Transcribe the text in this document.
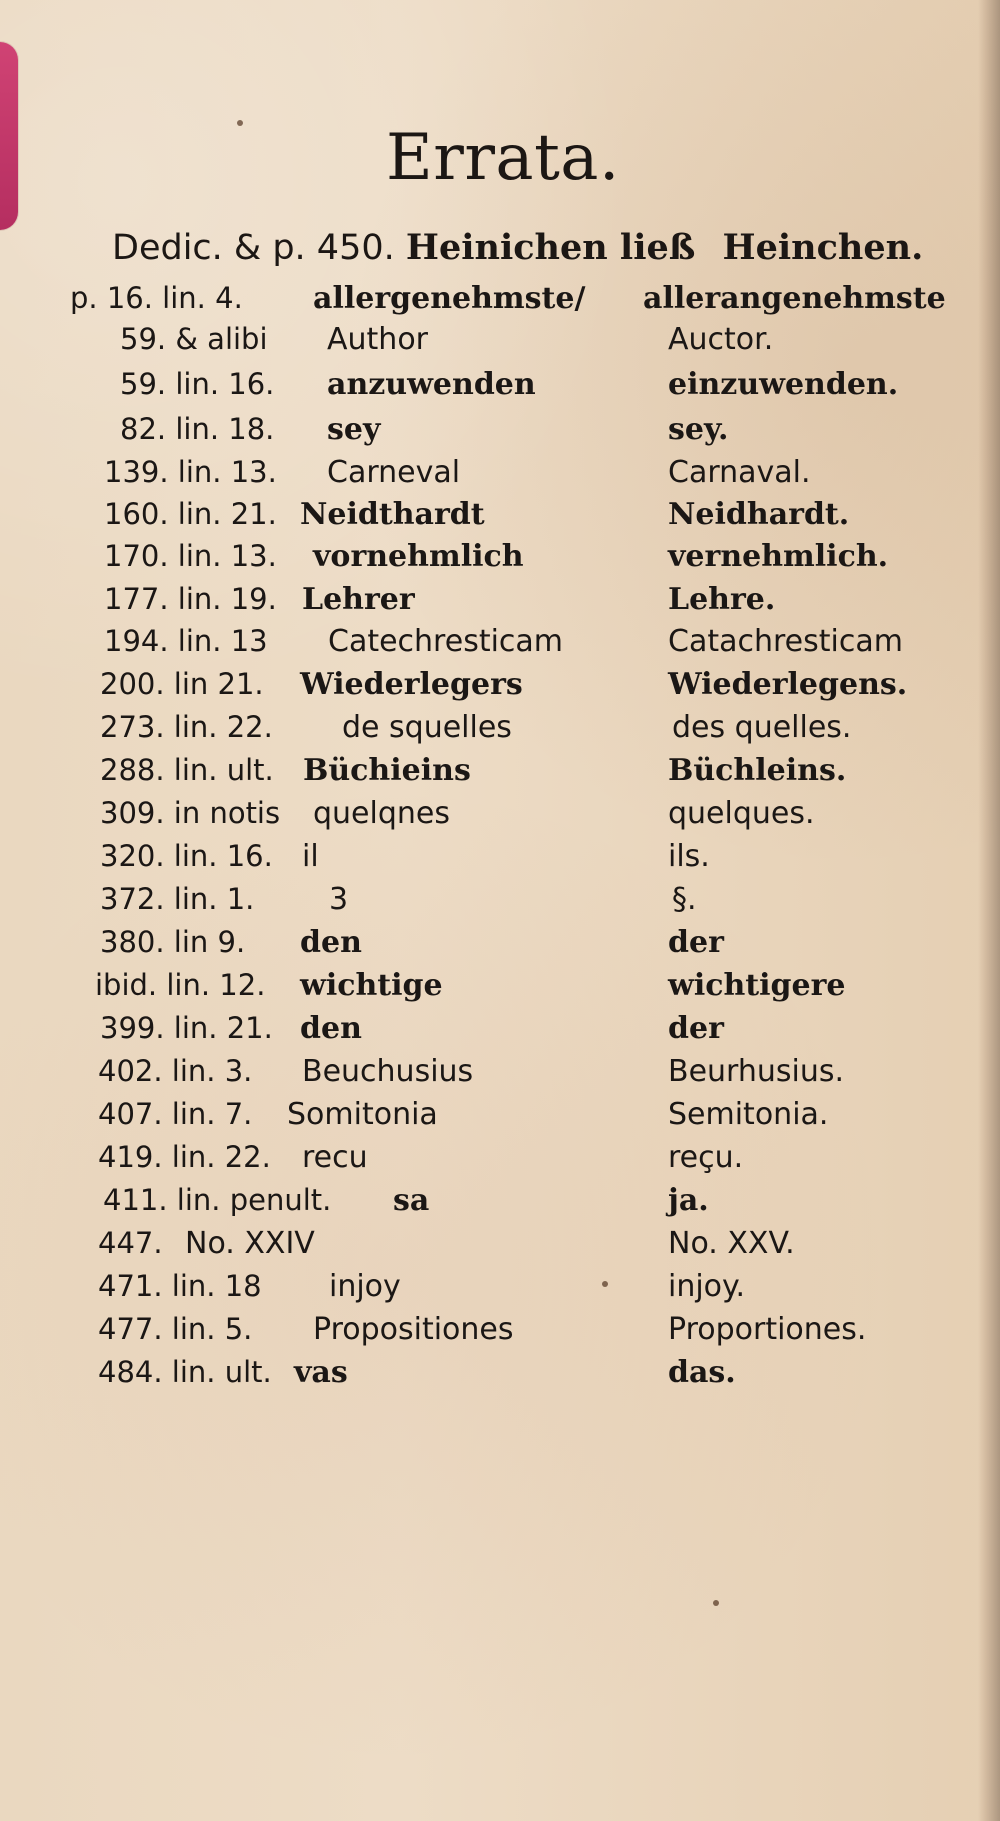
Errata.
Dedic. & p. 450. Heinichen ließ Heinchen.
p. 16. lin. 4. allergenehmste/ allerangenehmste
59. & alibi Author	Auctor.
59. lin. 16. anzuwenden	einzuwenden.
82. lin. 18. sey	sey.
139. lin. 13. Carneval	Carnaval.
160. lin. 21. Neidthardt	Neidhardt.
170. lin. 13. vornehmlich	vernehmlich.
177. lin. 19. Lehrer	Lehre.
194. lin. 13 Catechresticam	Catachresticam
200. lin 21. Wiederlegers	Wiederlegens.
273. lin. 22. de squelles	des quelles.
288. lin. ult. Büchieins	Büchleins.
309. in notis quelqnes	quelques.
320. lin. 16. il	ils.
372. lin. 1. 3	§.
380. lin 9. den	der
ibid. lin. 12. wichtige	wichtigere
399. lin. 21. den	der
402. lin. 3. Beuchusius	Beurhusius.
407. lin. 7. Somitonia	Semitonia.
419. lin. 22. recu	reçu.
411. lin. penult. sa	ja.
447. No. XXIV	No. XXV.
471. lin. 18 injoy	injoy.
477. lin. 5. Propositiones	Proportiones.
484. lin. ult. vas	das.
